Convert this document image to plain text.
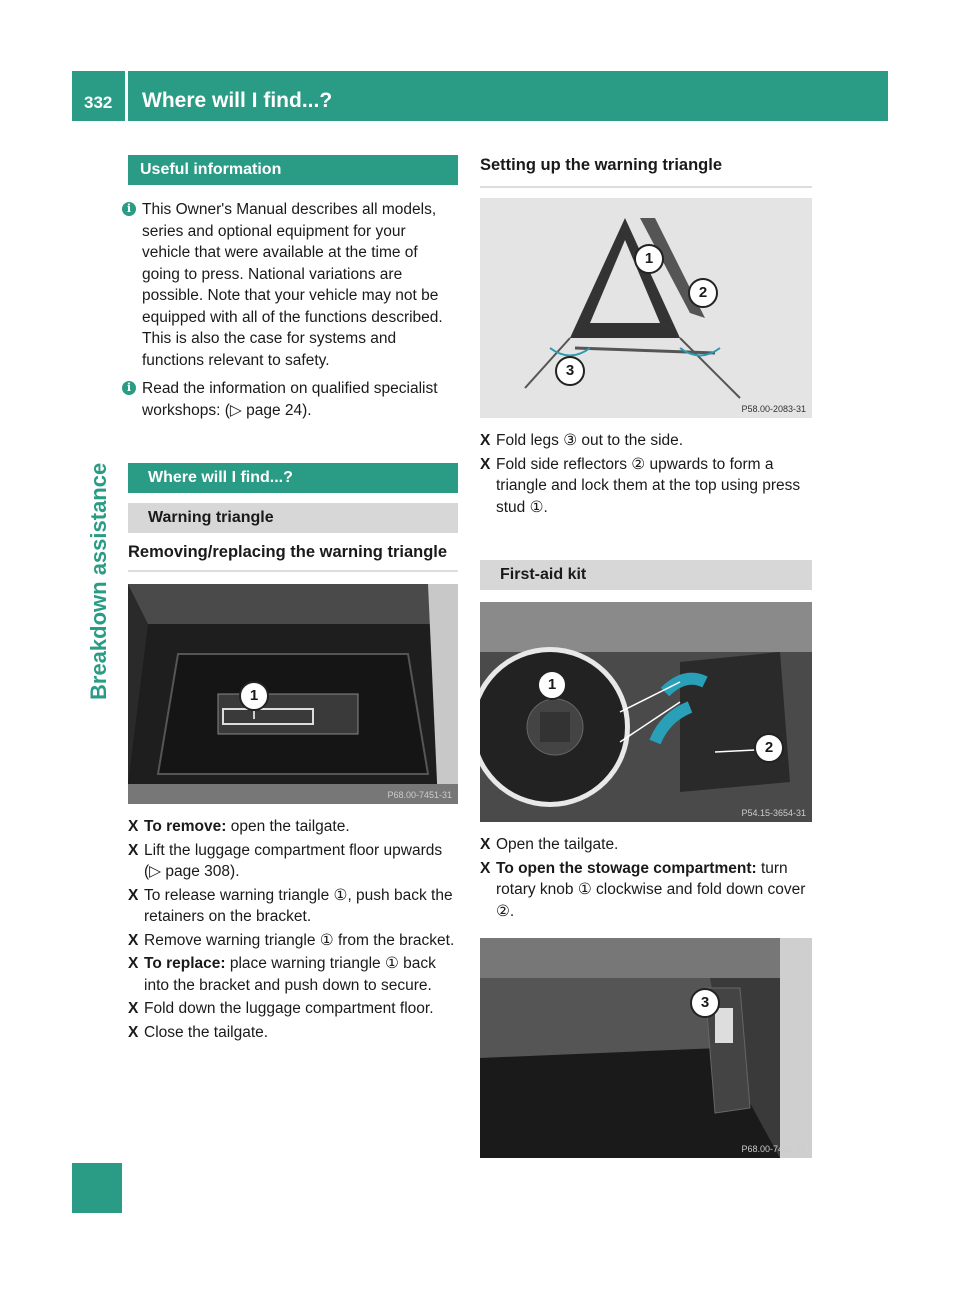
332 Where will I find...?
Breakdown assistance
Useful information

i This Owner's Manual describes all models, series and optional equipment for your vehicle that were available at the time of going to press. National variations are possible. Note that your vehicle may not be equipped with all of the functions described. This is also the case for systems and functions relevant to safety.

i Read the information on qualified specialist workshops: (▷ page 24).

Where will I find...?
Warning triangle
Removing/replacing the warning triangle
1
P68.00-7451-31
X To remove: open the tailgate.
X Lift the luggage compartment floor upwards (▷ page 308).
X To release warning triangle ①, push back the retainers on the bracket.
X Remove warning triangle ① from the bracket.
X To replace: place warning triangle ① back into the bracket and push down to secure.
X Fold down the luggage compartment floor.
X Close the tailgate.
Setting up the warning triangle
1
2
3
P58.00-2083-31
X Fold legs ③ out to the side.
X Fold side reflectors ② upwards to form a triangle and lock them at the top using press stud ①.
First-aid kit
1
2
P54.15-3654-31
X Open the tailgate.
X To open the stowage compartment: turn rotary knob ① clockwise and fold down cover ②.
3
P68.00-7452-31
